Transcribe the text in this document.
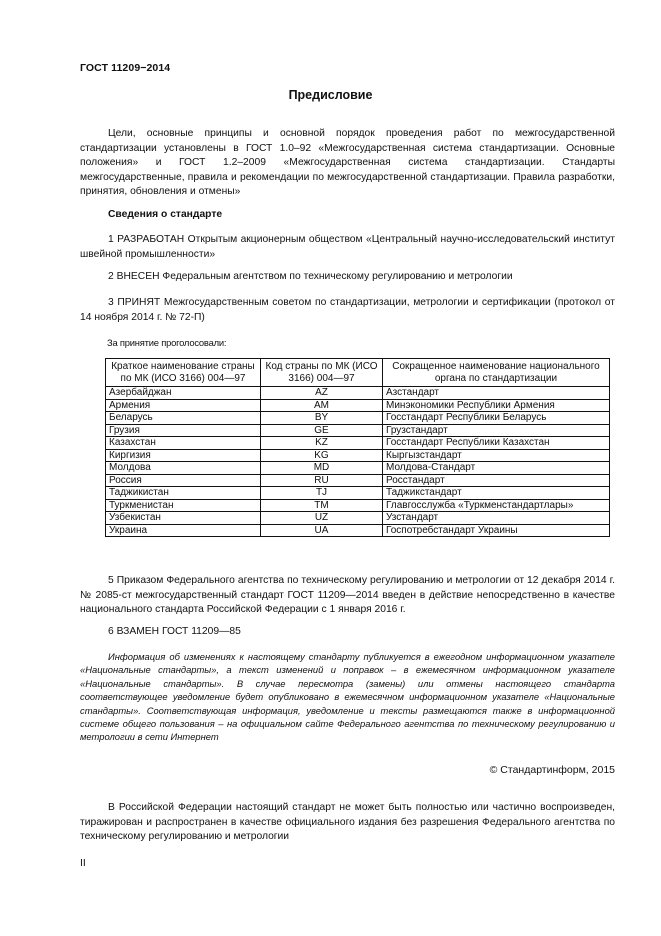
ГОСТ 11209−2014
Предисловие
Цели, основные принципы и основной порядок проведения работ по межгосударственной стандартизации установлены в ГОСТ 1.0–92 «Межгосударственная система стандартизации. Основные положения» и ГОСТ 1.2–2009 «Межгосударственная система стандартизации. Стандарты межгосударственные, правила и рекомендации по межгосударственной стандартизации. Правила разработки, принятия, обновления и отмены»
Сведения о стандарте
1 РАЗРАБОТАН Открытым акционерным обществом «Центральный научно-исследовательский институт швейной промышленности»
2 ВНЕСЕН Федеральным агентством по техническому регулированию и метрологии
3 ПРИНЯТ Межгосударственным советом по стандартизации, метрологии и сертификации (протокол от 14 ноября 2014 г. № 72-П)
За принятие проголосовали:
Краткое наименование страны по МК (ИСО 3166) 004—97	Код страны по МК (ИСО 3166) 004—97	Сокращенное наименование национального органа по стандартизации
Азербайджан	AZ	Азстандарт
Армения	AM	Минэкономики Республики Армения
Беларусь	BY	Госстандарт Республики Беларусь
Грузия	GE	Грузстандарт
Казахстан	KZ	Госстандарт Республики Казахстан
Киргизия	KG	Кыргызстандарт
Молдова	MD	Молдова-Стандарт
Россия	RU	Росстандарт
Таджикистан	TJ	Таджикстандарт
Туркменистан	TM	Главгосслужба «Туркменстандартлары»
Узбекистан	UZ	Узстандарт
Украина	UA	Госпотребстандарт Украины
5 Приказом Федерального агентства по техническому регулированию и метрологии от 12 декабря 2014 г. № 2085-ст межгосударственный стандарт ГОСТ 11209—2014 введен в действие непосредственно в качестве национального стандарта Российской Федерации с 1 января 2016 г.
6 ВЗАМЕН ГОСТ 11209—85
Информация об изменениях к настоящему стандарту публикуется в ежегодном информационном указателе «Национальные стандарты», а текст изменений и поправок – в ежемесячном информационном указателе «Национальные стандарты». В случае пересмотра (замены) или отмены настоящего стандарта соответствующее уведомление будет опубликовано в ежемесячном информационном указателе «Национальные стандарты». Соответствующая информация, уведомление и тексты размещаются также в информационной системе общего пользования – на официальном сайте Федерального агентства по техническому регулированию и метрологии в сети Интернет
© Стандартинформ, 2015
В Российской Федерации настоящий стандарт не может быть полностью или частично воспроизведен, тиражирован и распространен в качестве официального издания без разрешения Федерального агентства по техническому регулированию и метрологии
II
